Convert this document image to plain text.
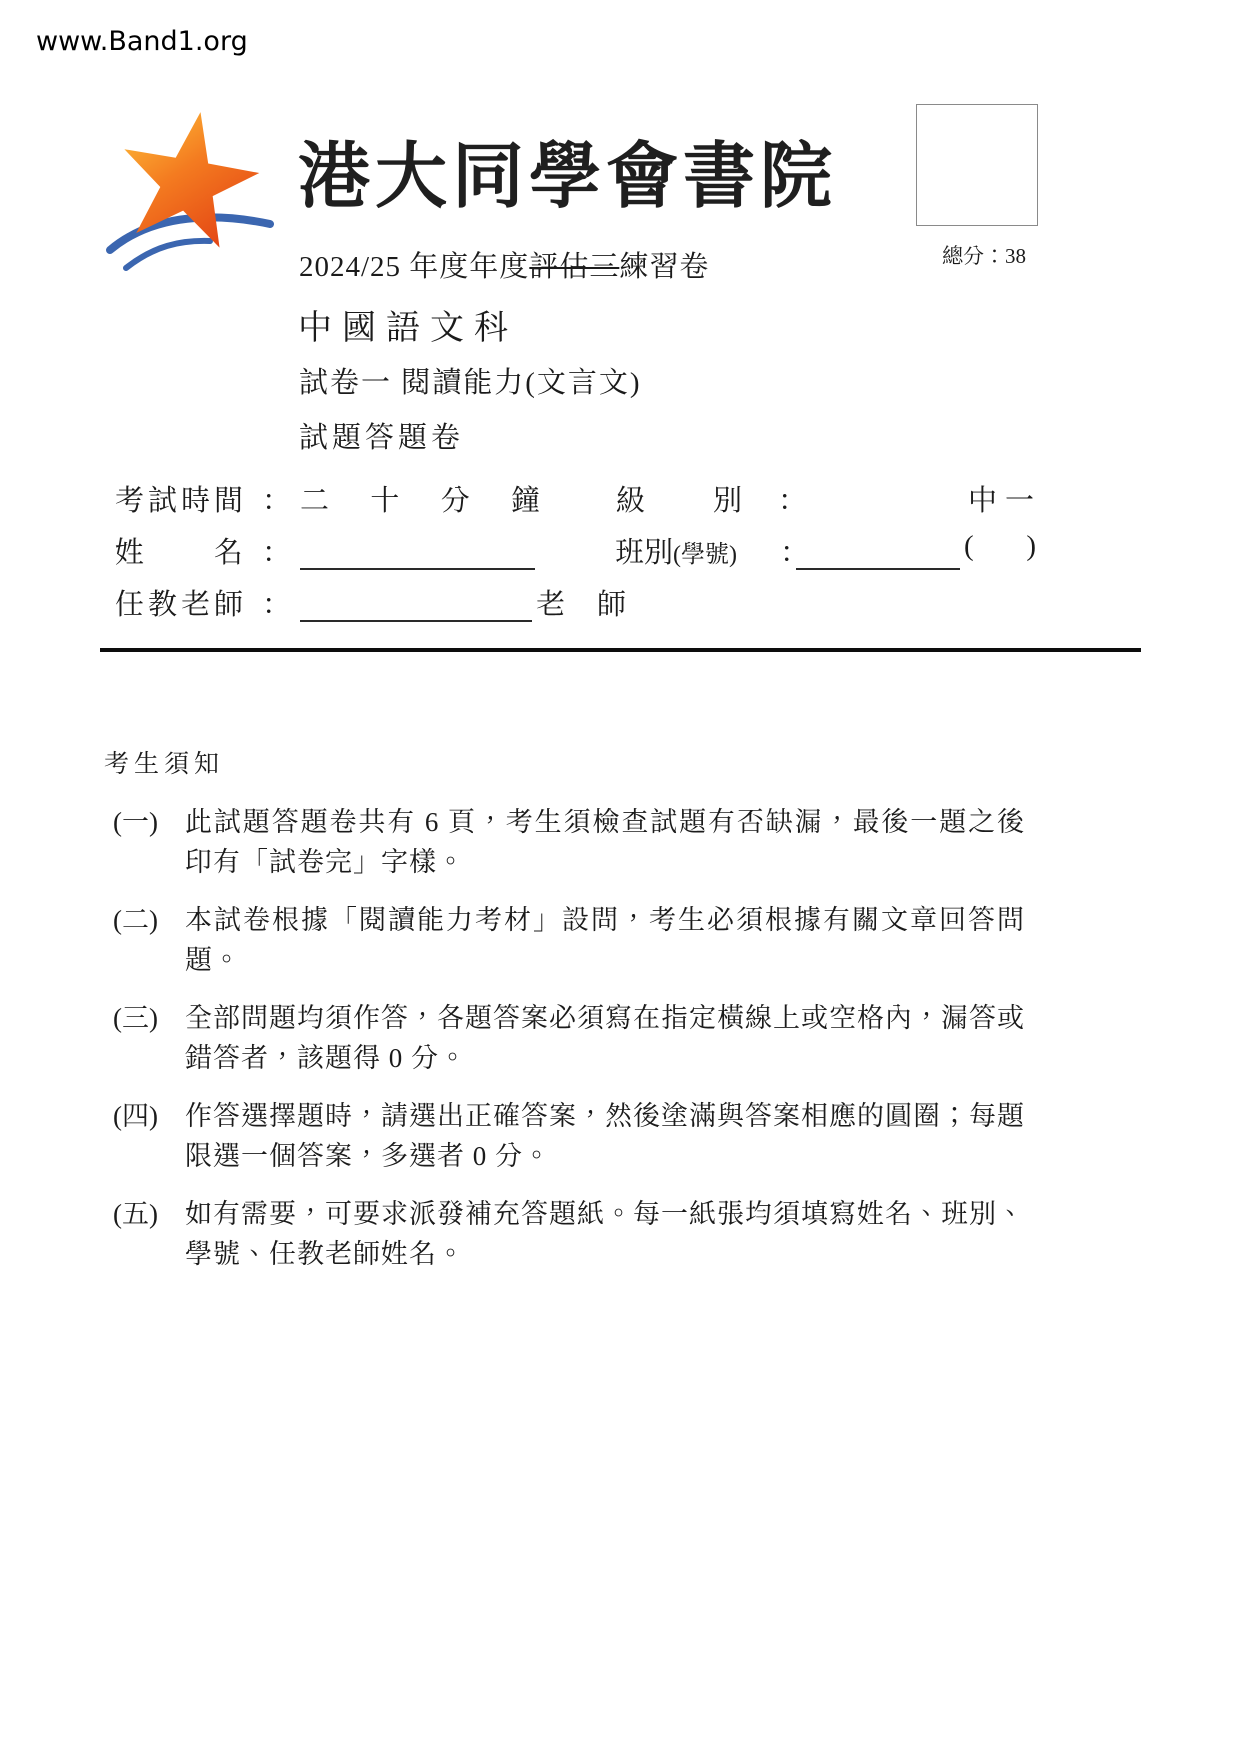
www.Band1.org
港大同學會書院
總分：38
2024/25 年度年度評估三練習卷
中國語文科
試卷一 閱讀能力(文言文)
試題答題卷
考 試 時 間 ： 二 十 分 鐘	級 別 ：	中一
姓 名 ：	班別(學號) ：	( )
任 教 老 師 ：	老 師
考生須知
(一)	此試題答題卷共有 6 頁，考生須檢查試題有否缺漏，最後一題之後印有「試卷完」字樣。
(二)	本試卷根據「閱讀能力考材」設問，考生必須根據有關文章回答問題。
(三)	全部問題均須作答，各題答案必須寫在指定橫線上或空格內，漏答或錯答者，該題得 0 分。
(四)	作答選擇題時，請選出正確答案，然後塗滿與答案相應的圓圈；每題限選一個答案，多選者 0 分。
(五)	如有需要，可要求派發補充答題紙。每一紙張均須填寫姓名、班別、學號、任教老師姓名。
